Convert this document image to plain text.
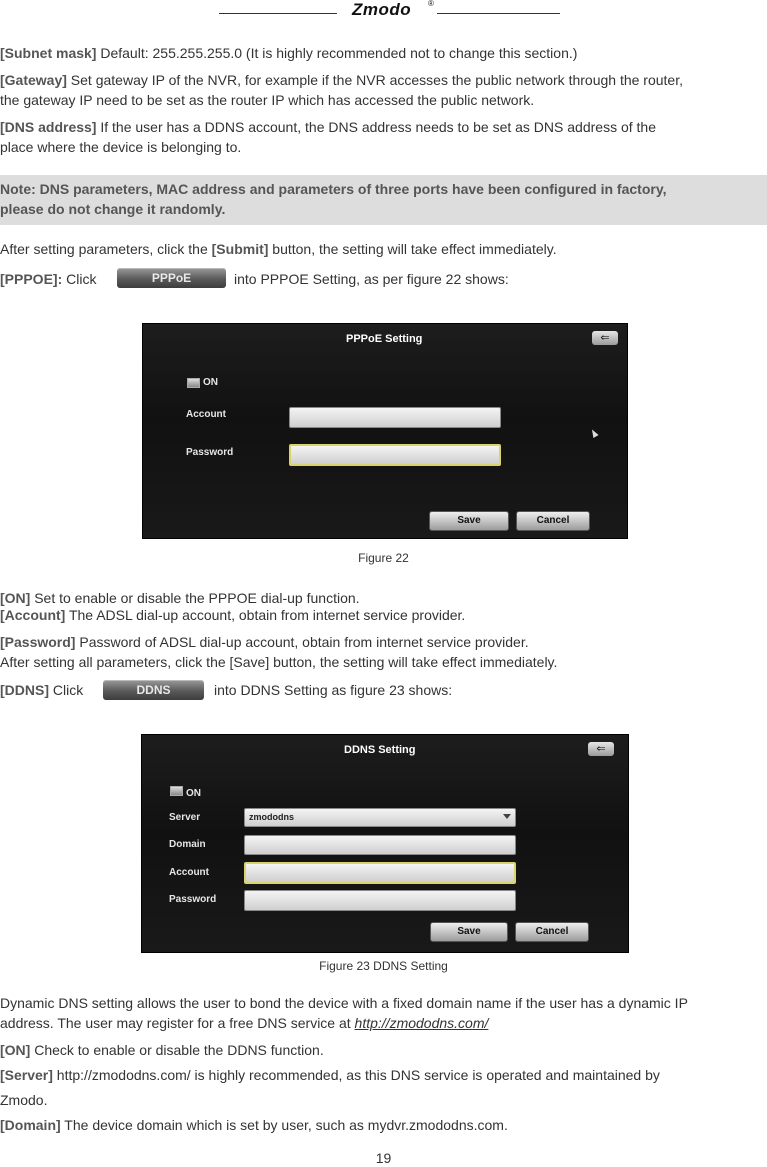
Zmodo ®
[Subnet mask] Default: 255.255.255.0 (It is highly recommended not to change this section.)
[Gateway] Set gateway IP of the NVR, for example if the NVR accesses the public network through the router,
the gateway IP need to be set as the router IP which has accessed the public network.
[DNS address] If the user has a DDNS account, the DNS address needs to be set as DNS address of the
place where the device is belonging to.
Note: DNS parameters, MAC address and parameters of three ports have been configured in factory,
please do not change it randomly.
After setting parameters, click the [Submit] button, the setting will take effect immediately.
[PPPOE]: Click	PPPoE	into PPPOE Setting, as per figure 22 shows:
PPPoE Setting	⇐
ON
Account
Password
Save	Cancel
Figure 22
[ON] Set to enable or disable the PPPOE dial-up function.
[Account] The ADSL dial-up account, obtain from internet service provider.
[Password] Password of ADSL dial-up account, obtain from internet service provider.
After setting all parameters, click the [Save] button, the setting will take effect immediately.
[DDNS] Click	DDNS	into DDNS Setting as figure 23 shows:
DDNS Setting	⇐
ON
Server	zmododns
Domain
Account
Password
Save	Cancel
Figure 23 DDNS Setting
Dynamic DNS setting allows the user to bond the device with a fixed domain name if the user has a dynamic IP
address. The user may register for a free DNS service at http://zmododns.com/
[ON] Check to enable or disable the DDNS function.
[Server] http://zmododns.com/ is highly recommended, as this DNS service is operated and maintained by
Zmodo.
[Domain] The device domain which is set by user, such as mydvr.zmododns.com.
19
